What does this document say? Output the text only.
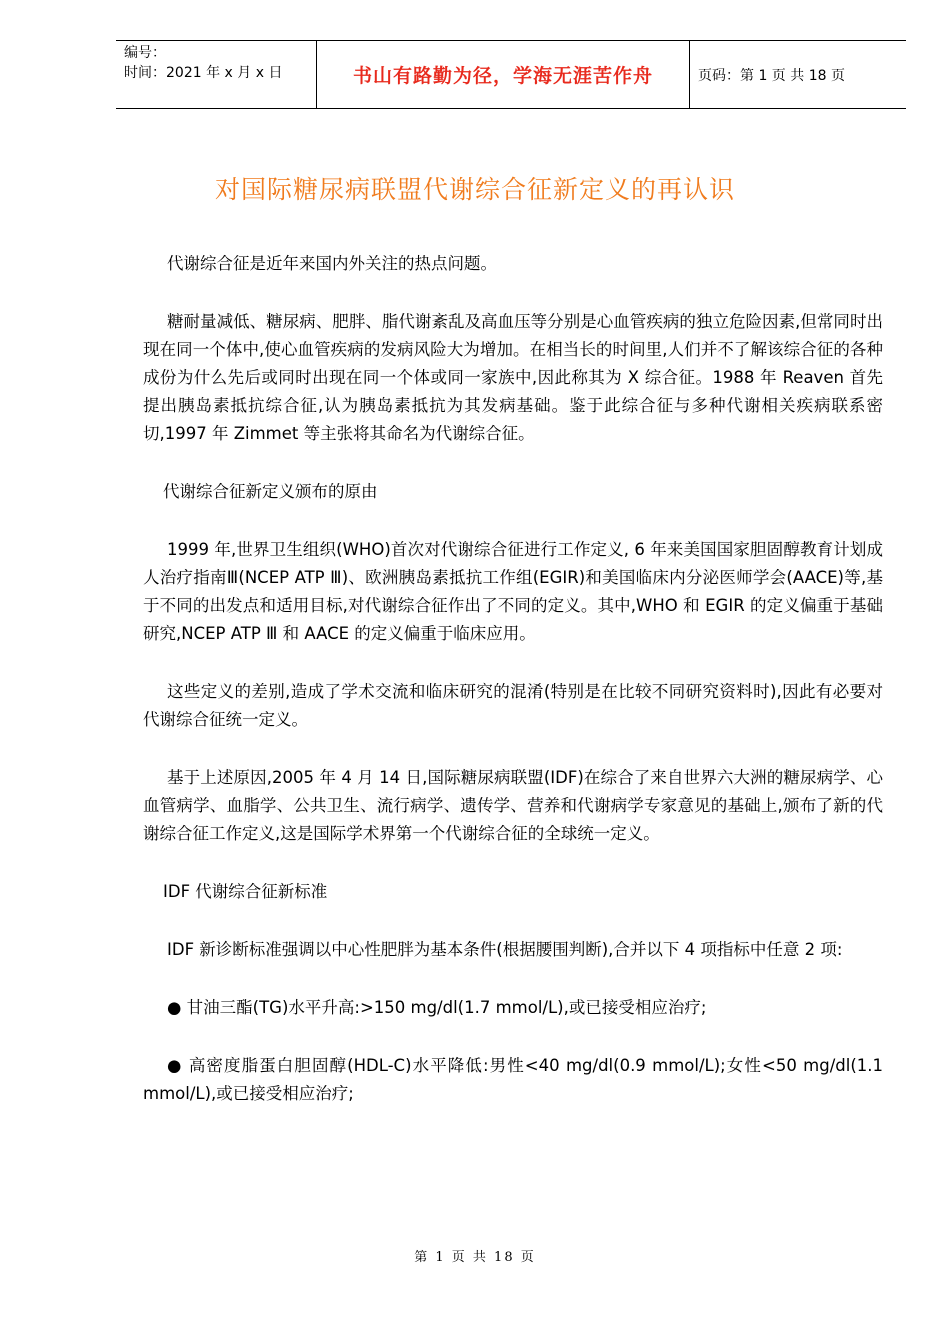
编号：
时间：2021 年 x 月 x 日	书山有路勤为径，学海无涯苦作舟	页码：第 1 页 共 18 页
对国际糖尿病联盟代谢综合征新定义的再认识

代谢综合征是近年来国内外关注的热点问题。

糖耐量减低、糖尿病、肥胖、脂代谢紊乱及高血压等分别是心血管疾病的独立危险因素,但常同时出现在同一个体中,使心血管疾病的发病风险大为增加。在相当长的时间里,人们并不了解该综合征的各种成份为什么先后或同时出现在同一个体或同一家族中,因此称其为 X 综合征。1988 年 Reaven 首先提出胰岛素抵抗综合征,认为胰岛素抵抗为其发病基础。鉴于此综合征与多种代谢相关疾病联系密切,1997 年 Zimmet 等主张将其命名为代谢综合征。

代谢综合征新定义颁布的原由

1999 年,世界卫生组织(WHO)首次对代谢综合征进行工作定义, 6 年来美国国家胆固醇教育计划成人治疗指南Ⅲ(NCEP ATP Ⅲ)、欧洲胰岛素抵抗工作组(EGIR)和美国临床内分泌医师学会(AACE)等,基于不同的出发点和适用目标,对代谢综合征作出了不同的定义。其中,WHO 和 EGIR 的定义偏重于基础研究,NCEP ATP Ⅲ 和 AACE 的定义偏重于临床应用。

这些定义的差别,造成了学术交流和临床研究的混淆(特别是在比较不同研究资料时),因此有必要对代谢综合征统一定义。

基于上述原因,2005 年 4 月 14 日,国际糖尿病联盟(IDF)在综合了来自世界六大洲的糖尿病学、心血管病学、血脂学、公共卫生、流行病学、遗传学、营养和代谢病学专家意见的基础上,颁布了新的代谢综合征工作定义,这是国际学术界第一个代谢综合征的全球统一定义。

IDF 代谢综合征新标准

IDF 新诊断标准强调以中心性肥胖为基本条件(根据腰围判断),合并以下 4 项指标中任意 2 项:

● 甘油三酯(TG)水平升高:>150 mg/dl(1.7 mmol/L),或已接受相应治疗;

● 高密度脂蛋白胆固醇(HDL-C)水平降低:男性<40 mg/dl(0.9 mmol/L);女性<50 mg/dl(1.1 mmol/L),或已接受相应治疗;

第 1 页 共 18 页
